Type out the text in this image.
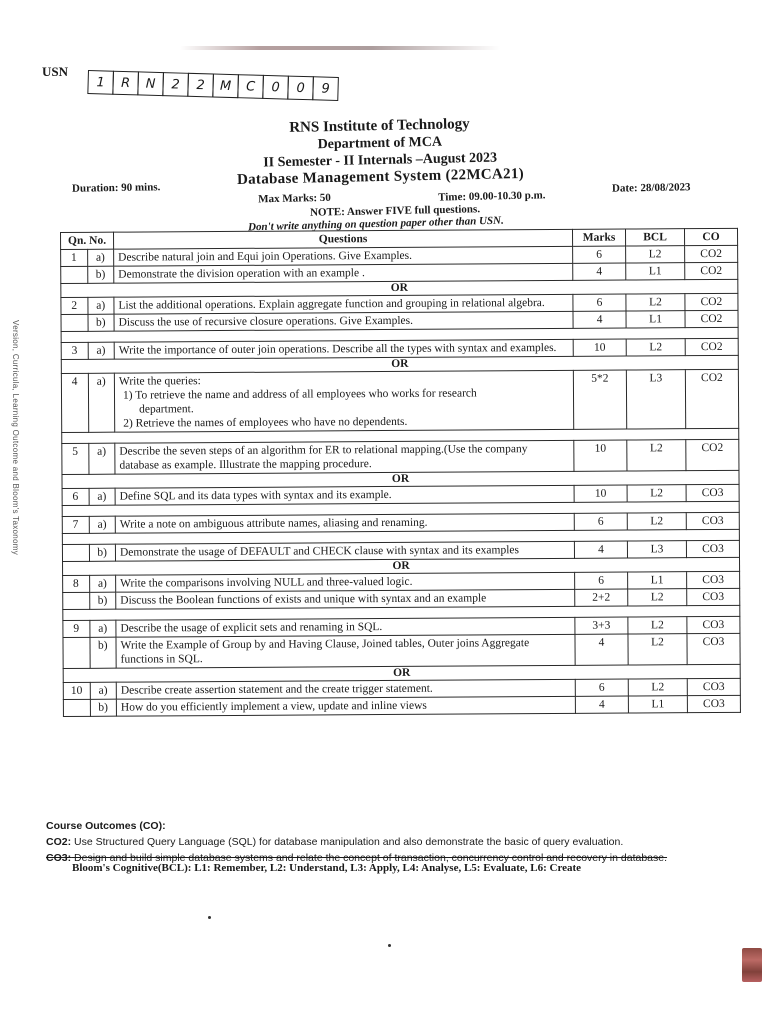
Version, Curricula, Learning Outcome and Bloom's Taxonomy
USN
1	R	N	2	2	M	C	0	0	9
RNS Institute of Technology
Department of MCA
II Semester - II Internals –August 2023
Database Management System (22MCA21)
Duration: 90 mins.	Date: 28/08/2023
Max Marks: 50	Time: 09.00-10.30 p.m.
NOTE: Answer FIVE full questions.
Don't write anything on question paper other than USN.
Qn. No.		Questions	Marks	BCL	CO
1	a)	Describe natural join and Equi join Operations. Give Examples.	6	L2	CO2
	b)	Demonstrate the division operation with an example .	4	L1	CO2
OR					
2	a)	List the additional operations. Explain aggregate function and grouping in relational algebra.	6	L2	CO2
	b)	Discuss the use of recursive closure operations. Give Examples.	4	L1	CO2

3	a)	Write the importance of outer join operations. Describe all the types with syntax and examples.	10	L2	CO2
OR					
4	a)	Write the queries:
1) To retrieve the name and address of all employees who works for research
department.
2) Retrieve the names of employees who have no dependents.	5*2	L3	CO2

5	a)	Describe the seven steps of an algorithm for ER to relational mapping.(Use the company database as example. Illustrate the mapping procedure.	10	L2	CO2
OR					
6	a)	Define SQL and its data types with syntax and its example.	10	L2	CO3

7	a)	Write a note on ambiguous attribute names, aliasing and renaming.	6	L2	CO3

	b)	Demonstrate the usage of DEFAULT and CHECK clause with syntax and its examples	4	L3	CO3
OR					
8	a)	Write the comparisons involving NULL and three-valued logic.	6	L1	CO3
	b)	Discuss the Boolean functions of exists and unique with syntax and an example	2+2	L2	CO3

9	a)	Describe the usage of explicit sets and renaming in SQL.	3+3	L2	CO3
	b)	Write the Example of Group by and Having Clause, Joined tables, Outer joins Aggregate functions in SQL.	4	L2	CO3
OR					
10	a)	Describe create assertion statement and the create trigger statement.	6	L2	CO3
	b)	How do you efficiently implement a view, update and inline views	4	L1	CO3
Course Outcomes (CO):
CO2: Use Structured Query Language (SQL) for database manipulation and also demonstrate the basic of query evaluation.
CO3: Design and build simple database systems and relate the concept of transaction, concurrency control and recovery in database.
Bloom's Cognitive(BCL): L1: Remember, L2: Understand, L3: Apply, L4: Analyse, L5: Evaluate, L6: Create
